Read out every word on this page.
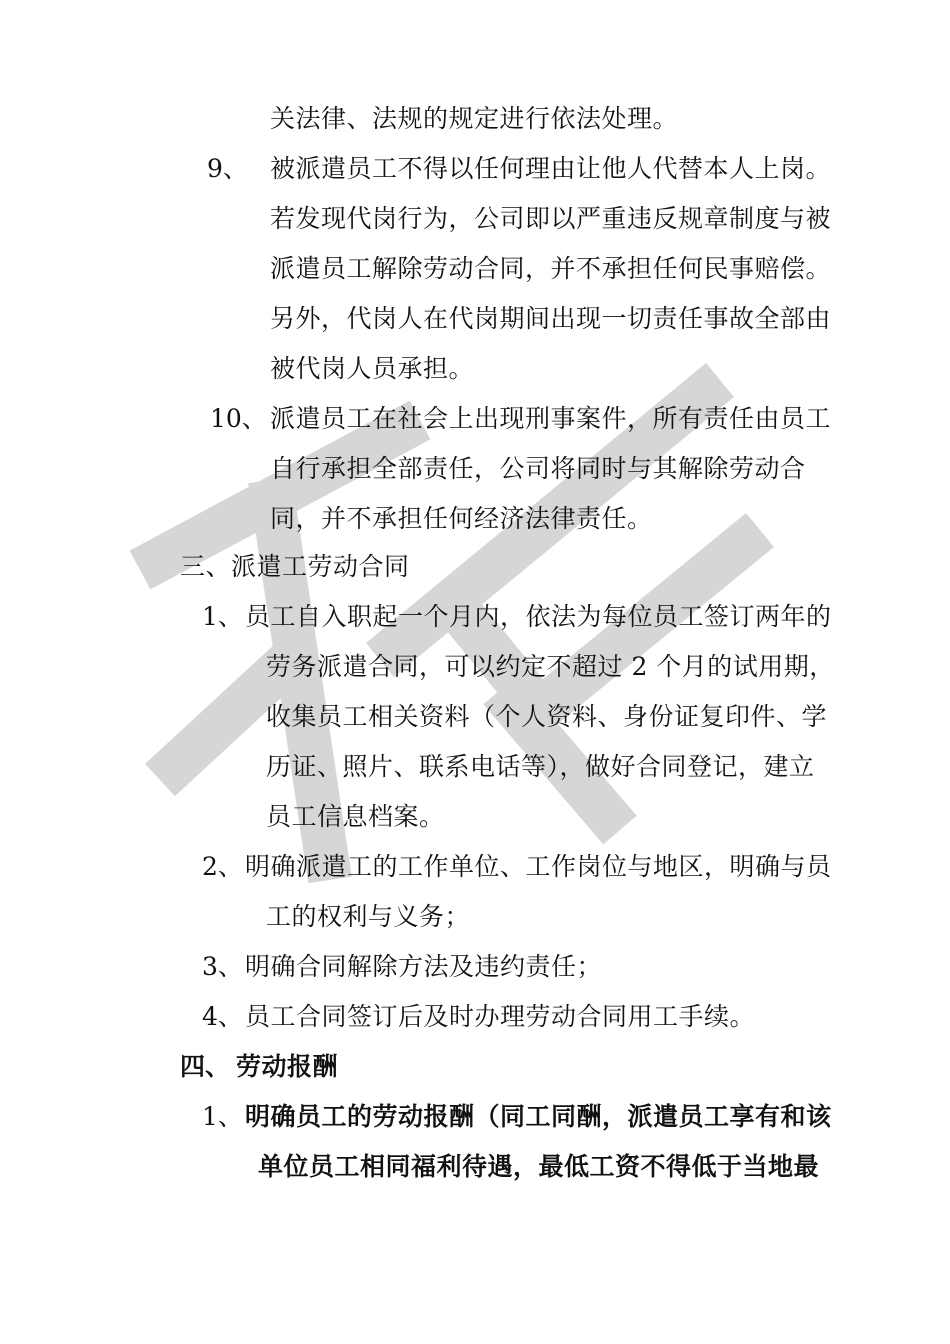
关法律、法规的规定进行依法处理。
9、 被派遣员工不得以任何理由让他人代替本人上岗。
若发现代岗行为，公司即以严重违反规章制度与被
派遣员工解除劳动合同，并不承担任何民事赔偿。
另外，代岗人在代岗期间出现一切责任事故全部由
被代岗人员承担。
10、 派遣员工在社会上出现刑事案件，所有责任由员工
自行承担全部责任，公司将同时与其解除劳动合
同，并不承担任何经济法律责任。
三、派遣工劳动合同
1、 员工自入职起一个月内，依法为每位员工签订两年的
劳务派遣合同，可以约定不超过 2 个月的试用期，
收集员工相关资料（个人资料、身份证复印件、学
历证、照片、联系电话等），做好合同登记，建立
员工信息档案。
2、 明确派遣工的工作单位、工作岗位与地区，明确与员
工的权利与义务；
3、 明确合同解除方法及违约责任；
4、 员工合同签订后及时办理劳动合同用工手续。
四、 劳动报酬
1、 明确员工的劳动报酬（同工同酬，派遣员工享有和该
单位员工相同福利待遇，最低工资不得低于当地最
